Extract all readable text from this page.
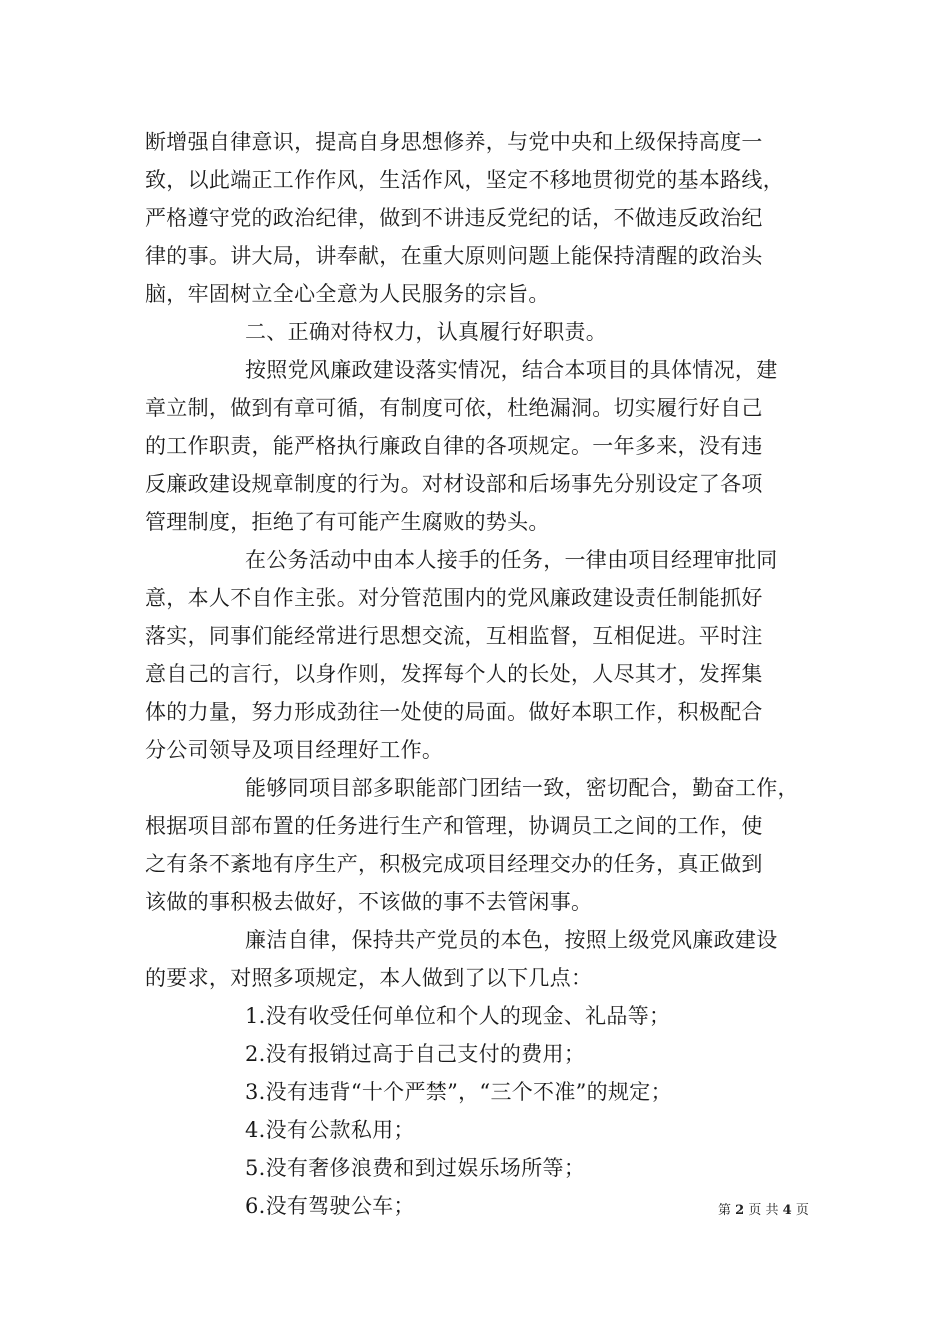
断增强自律意识，提高自身思想修养，与党中央和上级保持高度一
致，以此端正工作作风，生活作风，坚定不移地贯彻党的基本路线，
严格遵守党的政治纪律，做到不讲违反党纪的话，不做违反政治纪
律的事。讲大局，讲奉献，在重大原则问题上能保持清醒的政治头
脑，牢固树立全心全意为人民服务的宗旨。
二、正确对待权力，认真履行好职责。
按照党风廉政建设落实情况，结合本项目的具体情况，建
章立制，做到有章可循，有制度可依，杜绝漏洞。切实履行好自己
的工作职责，能严格执行廉政自律的各项规定。一年多来，没有违
反廉政建设规章制度的行为。对材设部和后场事先分别设定了各项
管理制度，拒绝了有可能产生腐败的势头。
在公务活动中由本人接手的任务，一律由项目经理审批同
意，本人不自作主张。对分管范围内的党风廉政建设责任制能抓好
落实，同事们能经常进行思想交流，互相监督，互相促进。平时注
意自己的言行，以身作则，发挥每个人的长处，人尽其才，发挥集
体的力量，努力形成劲往一处使的局面。做好本职工作，积极配合
分公司领导及项目经理好工作。
能够同项目部多职能部门团结一致，密切配合，勤奋工作，
根据项目部布置的任务进行生产和管理，协调员工之间的工作，使
之有条不紊地有序生产，积极完成项目经理交办的任务，真正做到
该做的事积极去做好，不该做的事不去管闲事。
廉洁自律，保持共产党员的本色，按照上级党风廉政建设
的要求，对照多项规定，本人做到了以下几点：
1.没有收受任何单位和个人的现金、礼品等；
2.没有报销过高于自己支付的费用；
3.没有违背“十个严禁”，“三个不准”的规定；
4.没有公款私用；
5.没有奢侈浪费和到过娱乐场所等；
6.没有驾驶公车；	第 2 页 共 4 页
